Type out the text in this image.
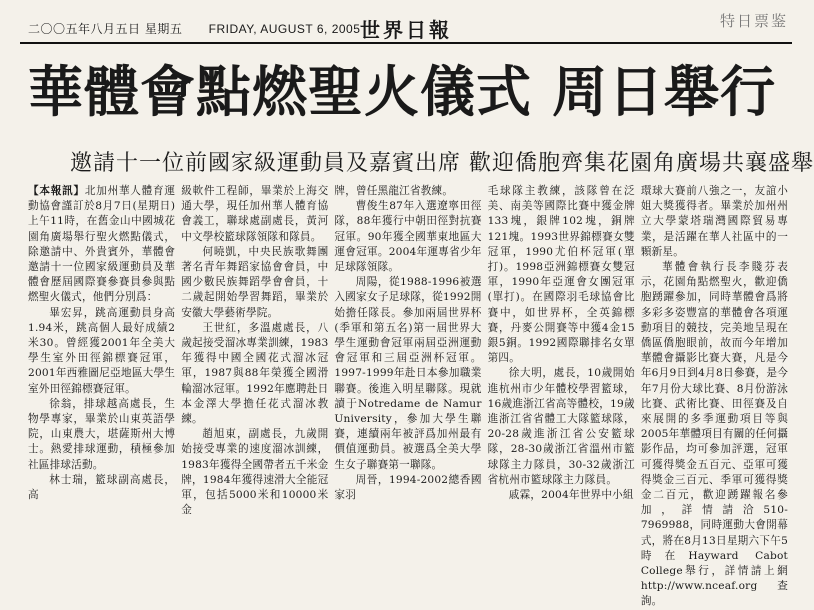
二〇〇五年八月五日 星期五 FRIDAY, AUGUST 6, 2005 世界日報	特日票鉴
華體會點燃聖火儀式 周日舉行
邀請十一位前國家級運動員及嘉賓出席 歡迎僑胞齊集花園角廣場共襄盛舉

【本報訊】北加州華人體育運動協會謹訂於8月7日(星期日)上午11時，在舊金山中國城花園角廣場舉行聖火燃點儀式，除邀請中、外貴賓外，華體會邀請十一位國家級運動員及華體會歷屆國際賽參賽員參與點燃聖火儀式，他們分別爲：

畢宏昇，跳高運動員身高1.94米，跳高個人最好成績2米30。曾經獲2001年全美大學生室外田徑錦標賽冠軍，2001年西雅圖尼亞地區大學生室外田徑錦標賽冠軍。

徐翁，排球越高處長，生物學專家，畢業於山東英語學院，山東農大，堪薩斯州大博士。熱愛排球運動，積極參加社區排球活動。

林士瑞，籃球副高處長，高

級軟件工程師，畢業於上海交通大學，現任加州華人體育協會義工，聯球處副處長，黃河中文學校籃球隊領隊和隊員。

何曉凱，中央民族歌舞團著名青年舞蹈家協會會員，中國少數民族舞蹈學會會員，十二歲起開始學習舞蹈，畢業於安徽大學藝術學院。

王世紅，多溫處處長，八歲起接受溜冰專業訓練，1983年獲得中國全國花式溜冰冠軍，1987與88年榮獲全國滑輪溜冰冠軍。1992年應聘赴日本金澤大學擔任花式溜冰教練。

趙旭東，副處長，九歲開始接受專業的速度溜冰訓練，1983年獲得全國帶者五千米金牌，1984年獲得速滑大全能冠軍，包括5000米和10000米金

牌，曾任黑龍江省教練。

曹俊生87年入選遼寧田徑隊，88年獲行中朝田徑對抗賽冠軍。90年獲全國華東地區大運會冠軍。2004年運專省少年足球隊領隊。

周陽，從1988-1996被選入國家女子足球隊，從1992開始擔任隊長。參加兩屆世界杯(季軍和第五名)第一屆世界大學生運動會冠軍兩屆亞洲運動會冠軍和三屆亞洲杯冠軍。1997-1999年赴日本參加職業聯賽。後進入明星聯隊。現就讀于Notredame de Namur University，參加大學生聯賽，連續兩年被評爲加州最有價值運動員。被選爲全美大學生女子聯賽第一聯隊。

周晉，1994-2002總香國家羽

毛球隊主教練，該隊曾在泛美、南美等國際比賽中獲金牌133塊，銀牌102塊，銅牌121塊。1993世界錦標賽女雙冠軍，1990尤伯杯冠軍(單打)。1998亞洲錦標賽女雙冠軍，1990年亞運會女團冠軍(單打)。在國際羽毛球協會比賽中，如世界杯，全英錦標賽，丹麥公開賽等中獲4金15銀5銅。1992國際聯排名女單第四。

徐大明，處長，10歲開始進杭州市少年體校學習籃球，16歲進浙江省高等體校，19歲進浙江省省體工大隊籃球隊，20-28歲進浙江省公安籃球隊，28-30歲浙江省溫州市籃球隊主力隊員，30-32歲浙江省杭州市籃球隊主力隊員。

戚霖，2004年世界中小組

環球大賽前八強之一，友誼小姐大獎獲得者。畢業於加州州立大學蒙塔瑞灣國際貿易專業，是活躍在華人社區中的一顆新星。

華體會執行長李賤芬表示，花園角點燃聖火，歡迎僑胞踴躍參加，同時華體會爲將多彩多姿豐富的華體會各項運動項目的競技，完美地呈現在僑區僑胞眼前，故而今年增加華體會攝影比賽大賽，凡是今年6月9日到4月8日參賽，是今年7月份大球比賽、8月份游泳比賽、武術比賽、田徑賽及自來展開的多季運動項目等與2005年華體項目有關的任何攝影作品，均可參加評選，冠軍可獲得獎金五百元、亞軍可獲得獎金三百元、季軍可獲得獎金二百元，歡迎踴躍報名參加，詳情請洽510-7969988，同時運動大會開幕式，將在8月13日星期六下午5時在Hayward Cabot College舉行，詳情請上網http://www.nceaf.org查詢。
